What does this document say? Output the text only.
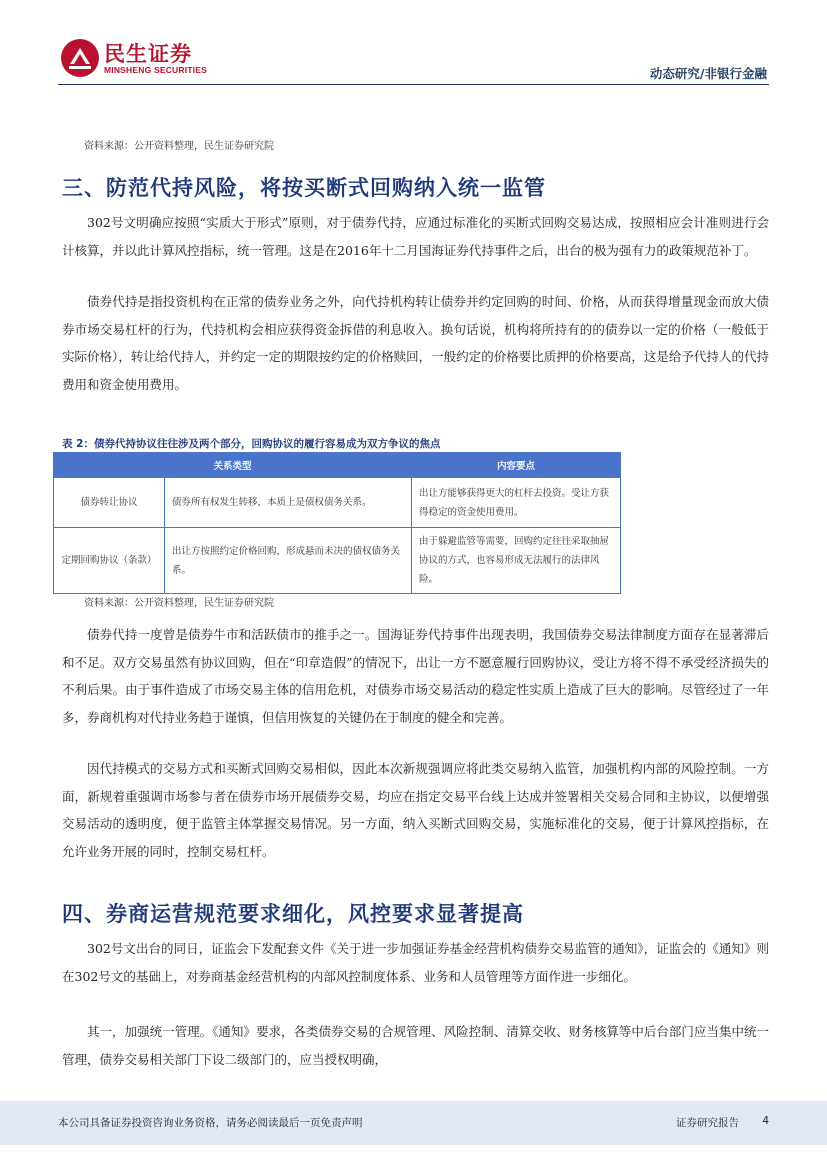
民生证券
MINSHENG SECURITIES	动态研究/非银行金融
资料来源：公开资料整理，民生证券研究院
三、防范代持风险，将按买断式回购纳入统一监管
302号文明确应按照“实质大于形式”原则，对于债券代持，应通过标准化的买断式回购交易达成，按照相应会计准则进行会计核算，并以此计算风控指标，统一管理。这是在2016年十二月国海证券代持事件之后，出台的极为强有力的政策规范补丁。
债券代持是指投资机构在正常的债券业务之外，向代持机构转让债券并约定回购的时间、价格，从而获得增量现金而放大债券市场交易杠杆的行为，代持机构会相应获得资金拆借的利息收入。换句话说，机构将所持有的的债券以一定的价格（一般低于实际价格），转让给代持人，并约定一定的期限按约定的价格赎回，一般约定的价格要比质押的价格要高，这是给予代持人的代持费用和资金使用费用。
表 2：债券代持协议往往涉及两个部分，回购协议的履行容易成为双方争议的焦点
关系类型		内容要点
债券转让协议	债券所有权发生转移，本质上是债权债务关系。	出让方能够获得更大的杠杆去投资。受让方获得稳定的资金使用费用。
定期回购协议（条款）	出让方按照约定价格回购，形成悬而未决的债权债务关系。	由于躲避监管等需要，回购约定往往采取抽屉协议的方式，也容易形成无法履行的法律风险。
资料来源：公开资料整理，民生证券研究院
债券代持一度曾是债券牛市和活跃债市的推手之一。国海证券代持事件出现表明，我国债券交易法律制度方面存在显著滞后和不足。双方交易虽然有协议回购，但在“印章造假”的情况下，出让一方不愿意履行回购协议，受让方将不得不承受经济损失的不利后果。由于事件造成了市场交易主体的信用危机，对债券市场交易活动的稳定性实质上造成了巨大的影响。尽管经过了一年多，券商机构对代持业务趋于谨慎，但信用恢复的关键仍在于制度的健全和完善。
因代持模式的交易方式和买断式回购交易相似，因此本次新规强调应将此类交易纳入监管，加强机构内部的风险控制。一方面，新规着重强调市场参与者在债券市场开展债券交易，均应在指定交易平台线上达成并签署相关交易合同和主协议，以便增强交易活动的透明度，便于监管主体掌握交易情况。另一方面，纳入买断式回购交易，实施标准化的交易，便于计算风控指标，在允许业务开展的同时，控制交易杠杆。
四、券商运营规范要求细化，风控要求显著提高
302号文出台的同日，证监会下发配套文件《关于进一步加强证券基金经营机构债券交易监管的通知》，证监会的《通知》则在302号文的基础上，对券商基金经营机构的内部风控制度体系、业务和人员管理等方面作进一步细化。
其一，加强统一管理。《通知》要求，各类债券交易的合规管理、风险控制、清算交收、财务核算等中后台部门应当集中统一管理，债券交易相关部门下设二级部门的，应当授权明确，
本公司具备证券投资咨询业务资格，请务必阅读最后一页免责声明	证券研究报告 4
